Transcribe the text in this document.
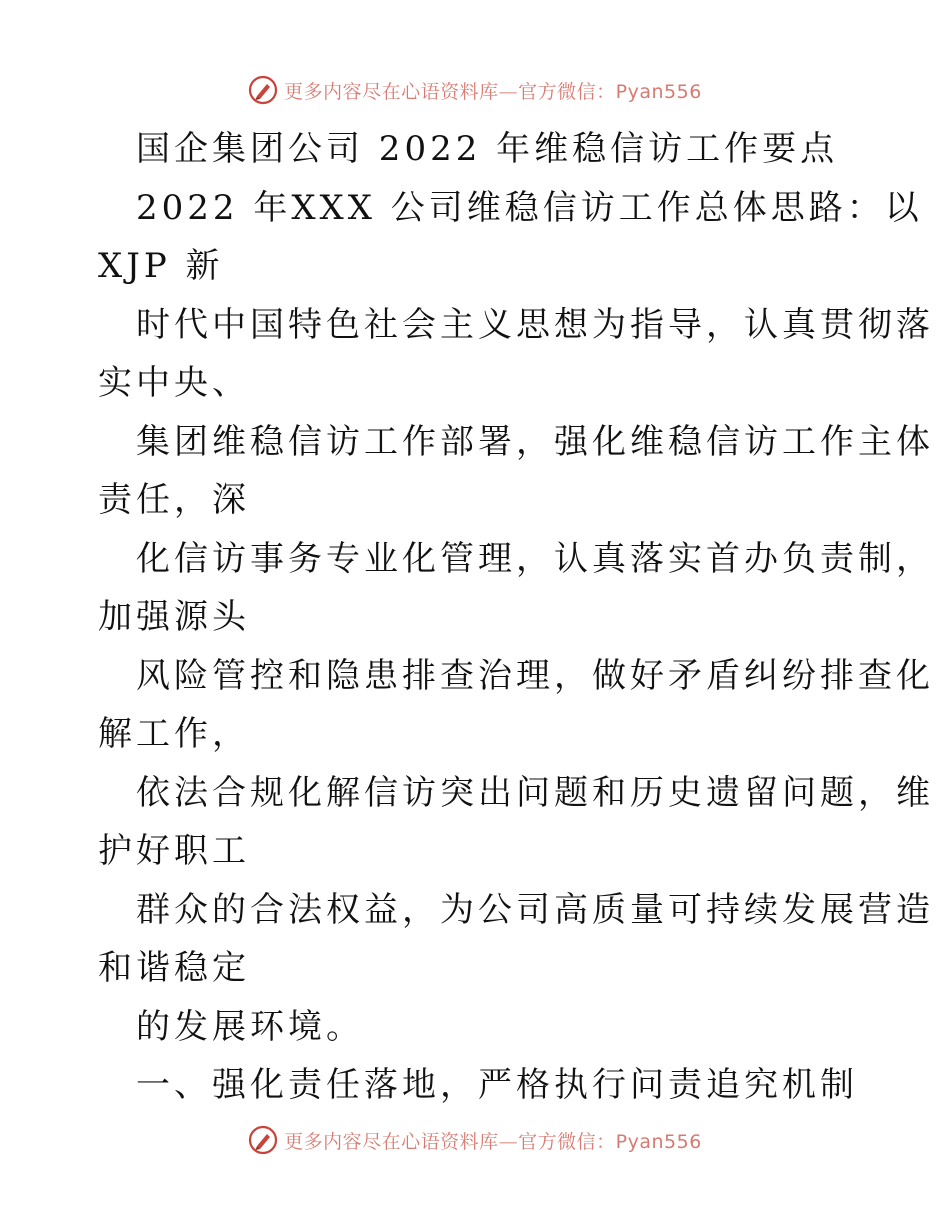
更多内容尽在心语资料库—官方微信：Pyan556
国企集团公司 2022 年维稳信访工作要点
2022 年XXX 公司维稳信访工作总体思路：以
XJP 新
时代中国特色社会主义思想为指导，认真贯彻落
实中央、
集团维稳信访工作部署，强化维稳信访工作主体
责任，深
化信访事务专业化管理，认真落实首办负责制，
加强源头
风险管控和隐患排查治理，做好矛盾纠纷排查化
解工作，
依法合规化解信访突出问题和历史遗留问题，维
护好职工
群众的合法权益，为公司高质量可持续发展营造
和谐稳定
的发展环境。
一、强化责任落地，严格执行问责追究机制
更多内容尽在心语资料库—官方微信：Pyan556
